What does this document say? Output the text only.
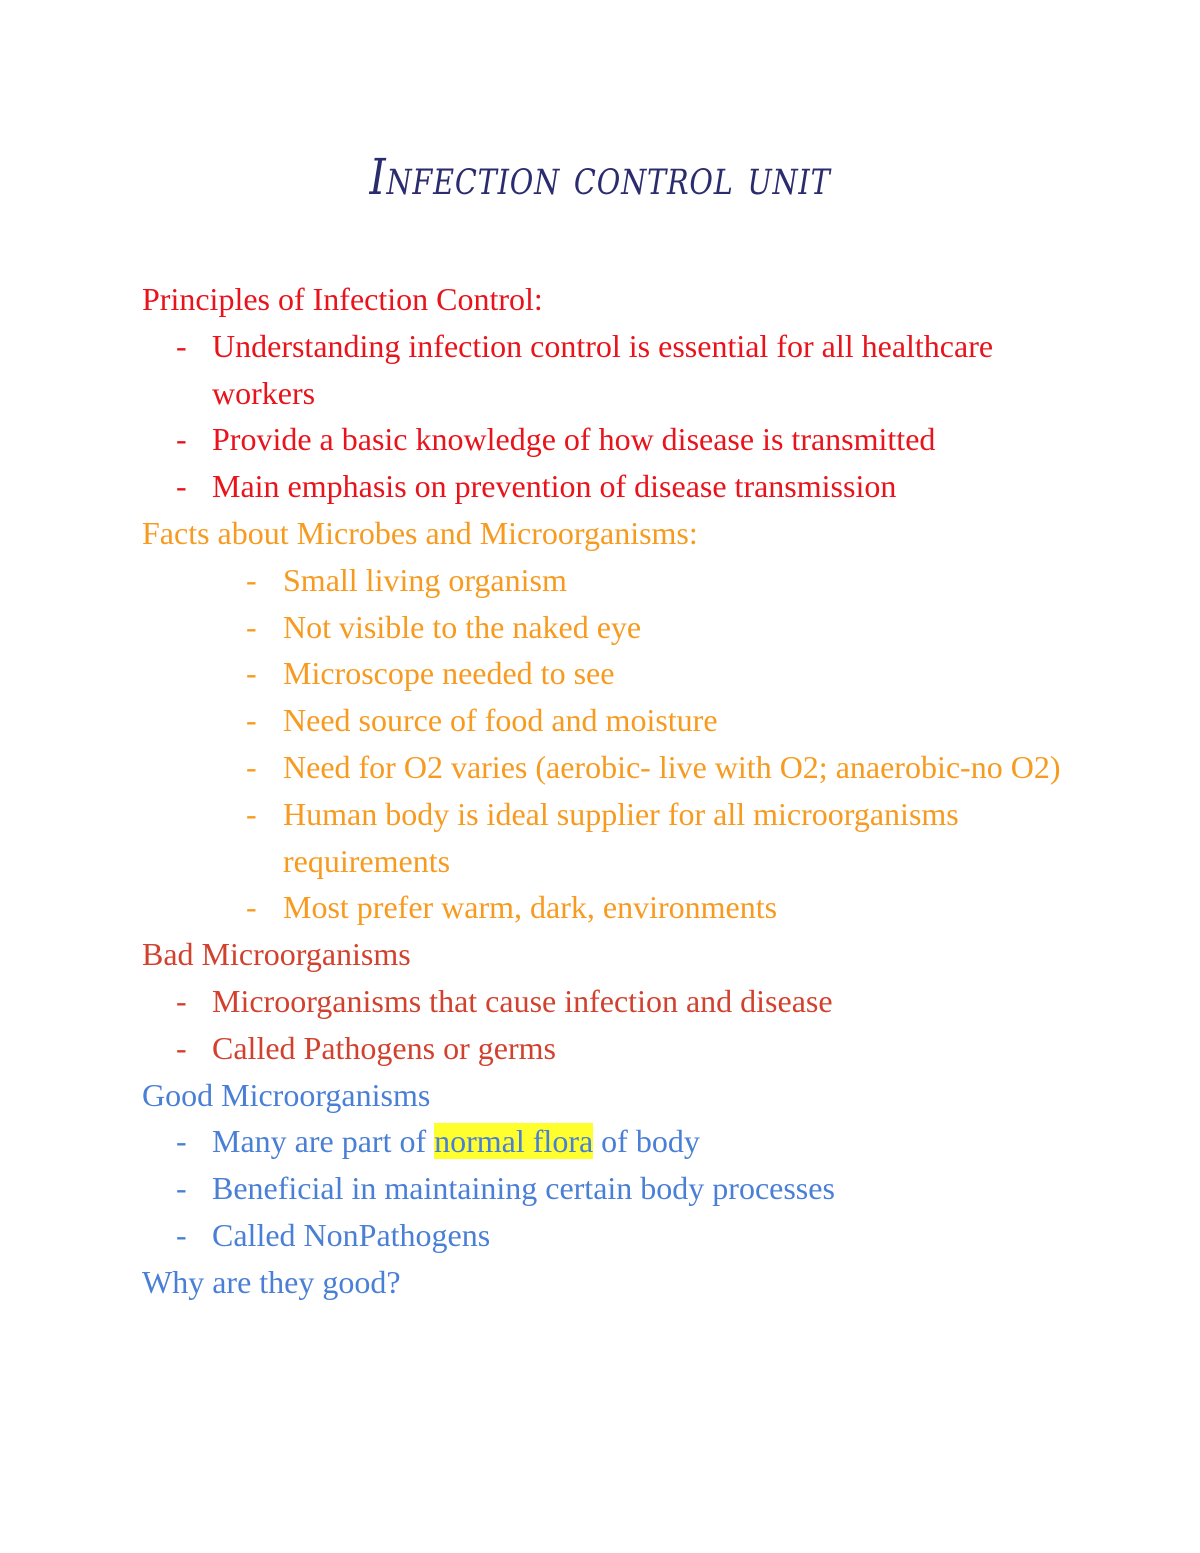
Infection control unit

Principles of Infection Control:

- Understanding infection control is essential for all healthcare workers
- Provide a basic knowledge of how disease is transmitted
- Main emphasis on prevention of disease transmission

Facts about Microbes and Microorganisms:

- Small living organism
- Not visible to the naked eye
- Microscope needed to see
- Need source of food and moisture
- Need for O2 varies (aerobic- live with O2; anaerobic-no O2)
- Human body is ideal supplier for all microorganisms requirements
- Most prefer warm, dark, environments

Bad Microorganisms

- Microorganisms that cause infection and disease
- Called Pathogens or germs

Good Microorganisms

- Many are part of normal flora of body
- Beneficial in maintaining certain body processes
- Called NonPathogens

Why are they good?
